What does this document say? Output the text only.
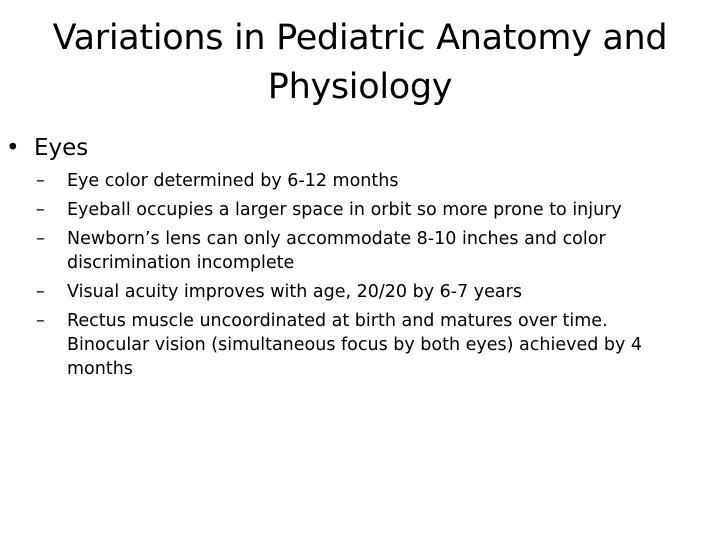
Variations in Pediatric Anatomy and Physiology
• Eyes
– Eye color determined by 6-12 months
– Eyeball occupies a larger space in orbit so more prone to injury
– Newborn’s lens can only accommodate 8-10 inches and color discrimination incomplete
– Visual acuity improves with age, 20/20 by 6-7 years
– Rectus muscle uncoordinated at birth and matures over time. Binocular vision (simultaneous focus by both eyes) achieved by 4 months
